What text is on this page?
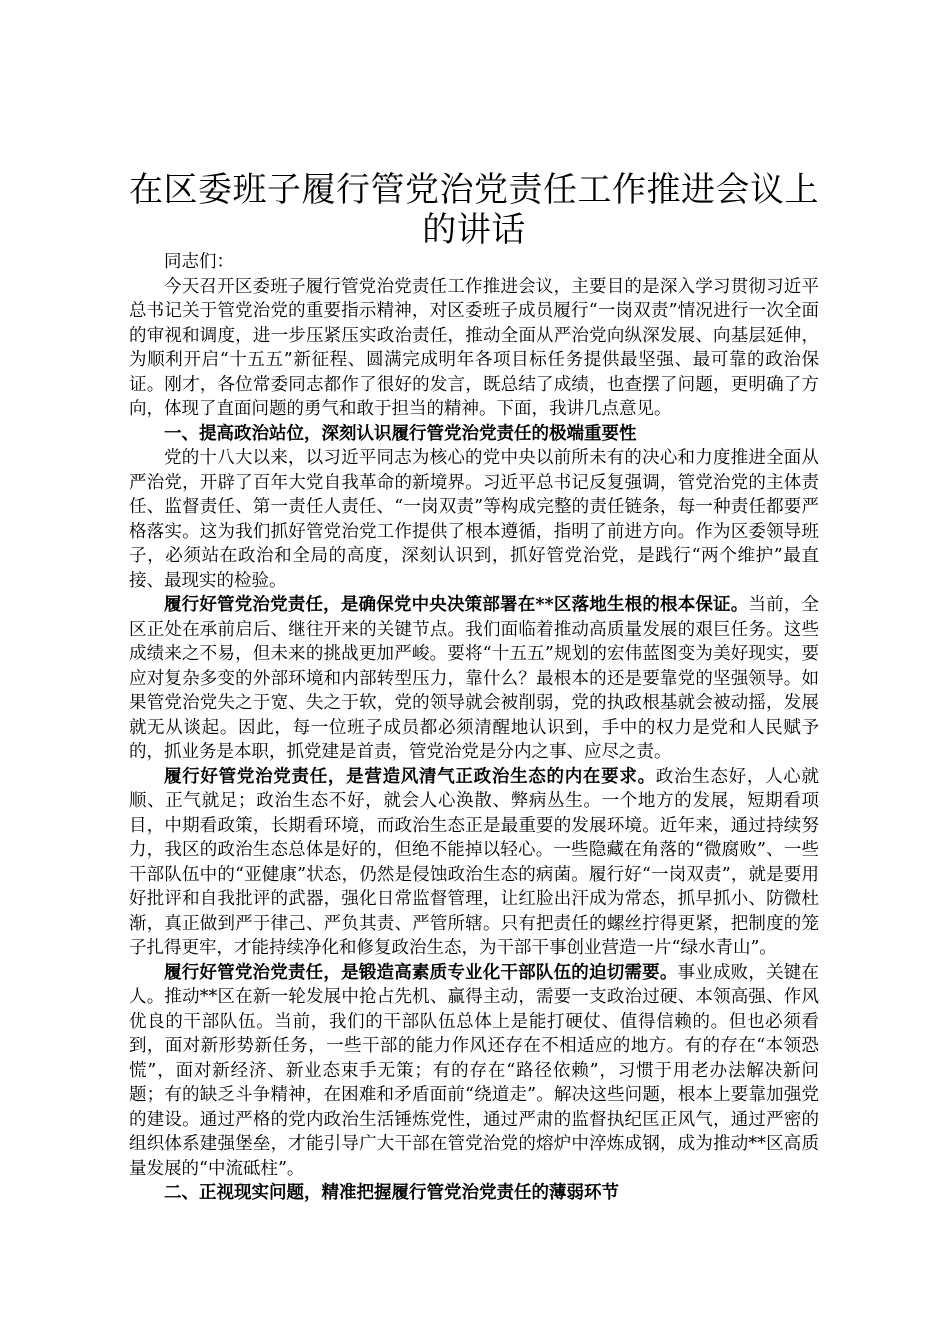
在区委班子履行管党治党责任工作推进会议上的讲话

同志们：

今天召开区委班子履行管党治党责任工作推进会议，主要目的是深入学习贯彻习近平总书记关于管党治党的重要指示精神，对区委班子成员履行“一岗双责”情况进行一次全面的审视和调度，进一步压紧压实政治责任，推动全面从严治党向纵深发展、向基层延伸，为顺利开启“十五五”新征程、圆满完成明年各项目标任务提供最坚强、最可靠的政治保证。刚才，各位常委同志都作了很好的发言，既总结了成绩，也查摆了问题，更明确了方向，体现了直面问题的勇气和敢于担当的精神。下面，我讲几点意见。

一、提高政治站位，深刻认识履行管党治党责任的极端重要性

党的十八大以来，以习近平同志为核心的党中央以前所未有的决心和力度推进全面从严治党，开辟了百年大党自我革命的新境界。习近平总书记反复强调，管党治党的主体责任、监督责任、第一责任人责任、“一岗双责”等构成完整的责任链条，每一种责任都要严格落实。这为我们抓好管党治党工作提供了根本遵循，指明了前进方向。作为区委领导班子，必须站在政治和全局的高度，深刻认识到，抓好管党治党，是践行“两个维护”最直接、最现实的检验。

履行好管党治党责任，是确保党中央决策部署在**区落地生根的根本保证。当前，全区正处在承前启后、继往开来的关键节点。我们面临着推动高质量发展的艰巨任务。这些成绩来之不易，但未来的挑战更加严峻。要将“十五五”规划的宏伟蓝图变为美好现实，要应对复杂多变的外部环境和内部转型压力，靠什么？最根本的还是要靠党的坚强领导。如果管党治党失之于宽、失之于软，党的领导就会被削弱，党的执政根基就会被动摇，发展就无从谈起。因此，每一位班子成员都必须清醒地认识到，手中的权力是党和人民赋予的，抓业务是本职，抓党建是首责，管党治党是分内之事、应尽之责。

履行好管党治党责任，是营造风清气正政治生态的内在要求。政治生态好，人心就顺、正气就足；政治生态不好，就会人心涣散、弊病丛生。一个地方的发展，短期看项目，中期看政策，长期看环境，而政治生态正是最重要的发展环境。近年来，通过持续努力，我区的政治生态总体是好的，但绝不能掉以轻心。一些隐藏在角落的“微腐败”、一些干部队伍中的“亚健康”状态，仍然是侵蚀政治生态的病菌。履行好“一岗双责”，就是要用好批评和自我批评的武器，强化日常监督管理，让红脸出汗成为常态，抓早抓小、防微杜渐，真正做到严于律己、严负其责、严管所辖。只有把责任的螺丝拧得更紧，把制度的笼子扎得更牢，才能持续净化和修复政治生态，为干部干事创业营造一片“绿水青山”。

履行好管党治党责任，是锻造高素质专业化干部队伍的迫切需要。事业成败，关键在人。推动**区在新一轮发展中抢占先机、赢得主动，需要一支政治过硬、本领高强、作风优良的干部队伍。当前，我们的干部队伍总体上是能打硬仗、值得信赖的。但也必须看到，面对新形势新任务，一些干部的能力作风还存在不相适应的地方。有的存在“本领恐慌”，面对新经济、新业态束手无策；有的存在“路径依赖”，习惯于用老办法解决新问题；有的缺乏斗争精神，在困难和矛盾面前“绕道走”。解决这些问题，根本上要靠加强党的建设。通过严格的党内政治生活锤炼党性，通过严肃的监督执纪匡正风气，通过严密的组织体系建强堡垒，才能引导广大干部在管党治党的熔炉中淬炼成钢，成为推动**区高质量发展的“中流砥柱”。

二、正视现实问题，精准把握履行管党治党责任的薄弱环节
